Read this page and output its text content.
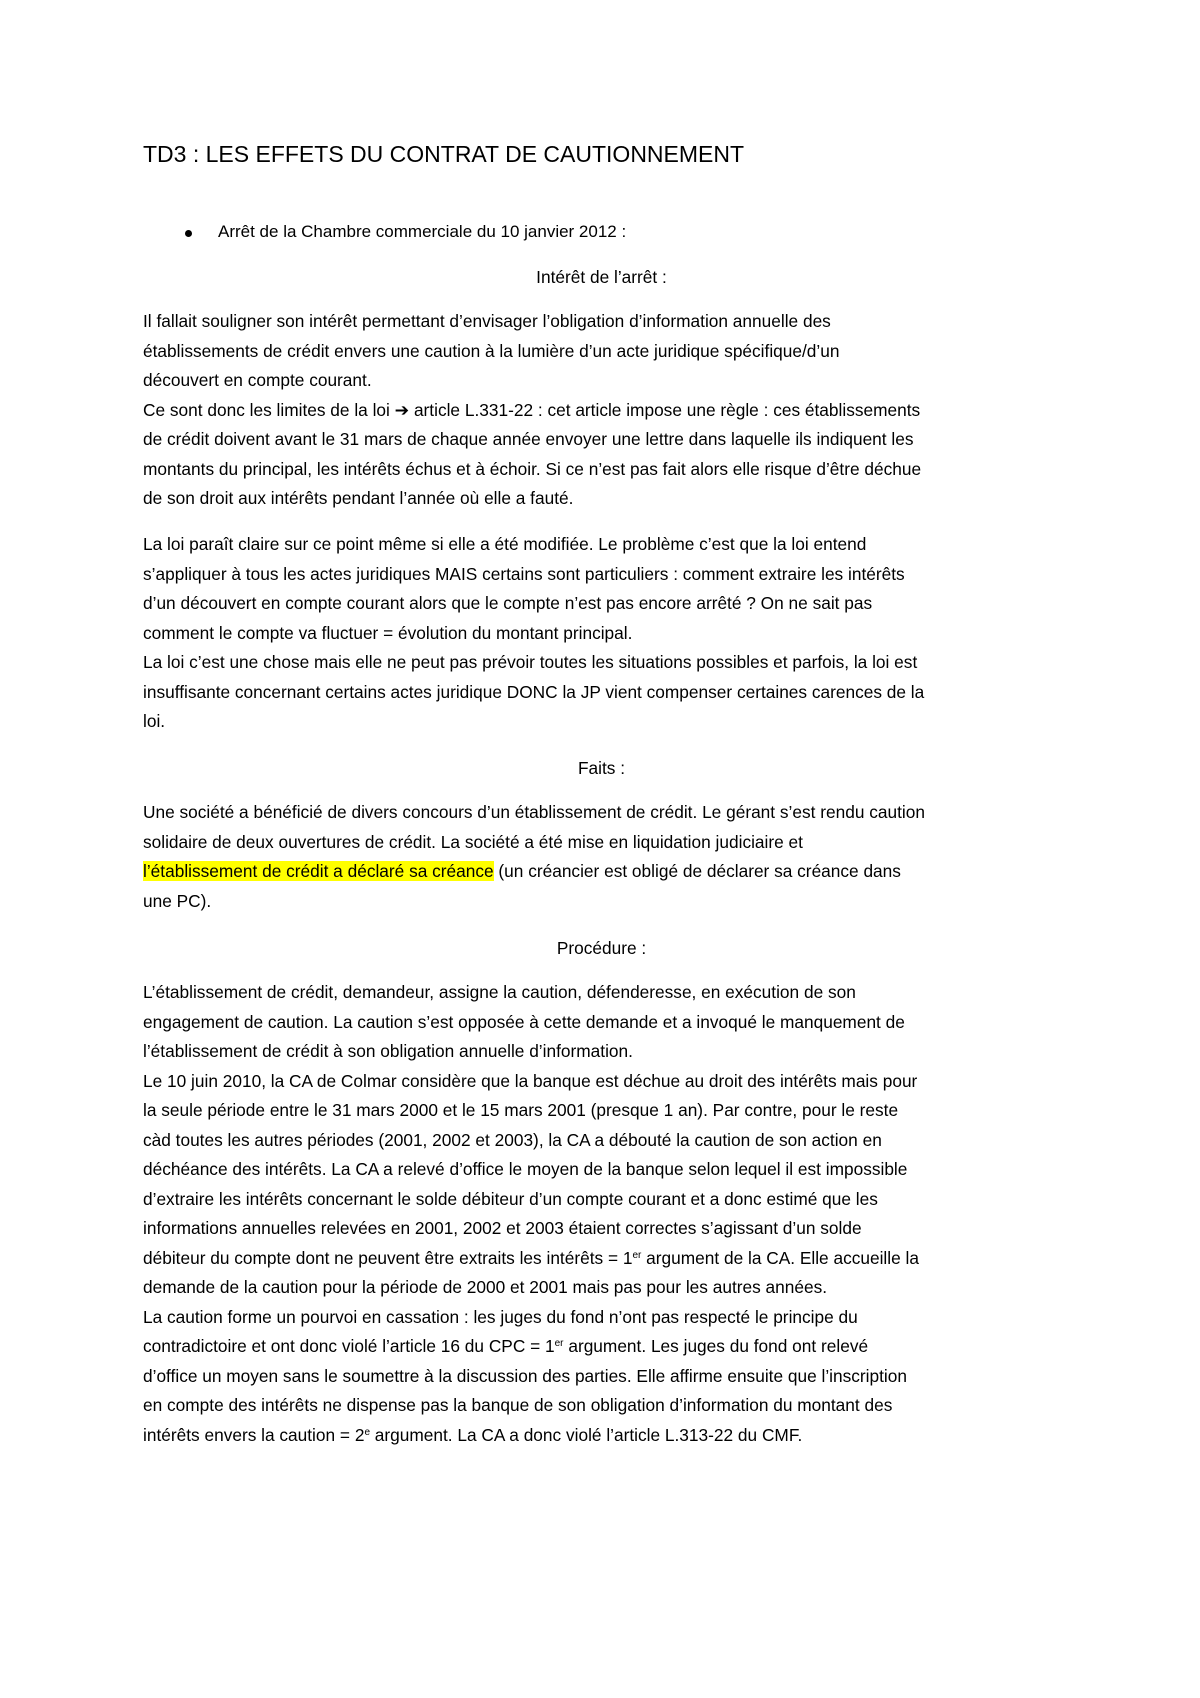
TD3 : LES EFFETS DU CONTRAT DE CAUTIONNEMENT
Arrêt de la Chambre commerciale du 10 janvier 2012 :
Intérêt de l’arrêt :
Il fallait souligner son intérêt permettant d’envisager l’obligation d’information annuelle des
établissements de crédit envers une caution à la lumière d’un acte juridique spécifique/d’un
découvert en compte courant.
Ce sont donc les limites de la loi ➔ article L.331-22 : cet article impose une règle : ces établissements
de crédit doivent avant le 31 mars de chaque année envoyer une lettre dans laquelle ils indiquent les
montants du principal, les intérêts échus et à échoir. Si ce n’est pas fait alors elle risque d’être déchue
de son droit aux intérêts pendant l’année où elle a fauté.
La loi paraît claire sur ce point même si elle a été modifiée. Le problème c’est que la loi entend
s’appliquer à tous les actes juridiques MAIS certains sont particuliers : comment extraire les intérêts
d’un découvert en compte courant alors que le compte n’est pas encore arrêté ? On ne sait pas
comment le compte va fluctuer = évolution du montant principal.
La loi c’est une chose mais elle ne peut pas prévoir toutes les situations possibles et parfois, la loi est
insuffisante concernant certains actes juridique DONC la JP vient compenser certaines carences de la
loi.
Faits :
Une société a bénéficié de divers concours d’un établissement de crédit. Le gérant s’est rendu caution
solidaire de deux ouvertures de crédit. La société a été mise en liquidation judiciaire et
l’établissement de crédit a déclaré sa créance (un créancier est obligé de déclarer sa créance dans
une PC).
Procédure :
L’établissement de crédit, demandeur, assigne la caution, défenderesse, en exécution de son
engagement de caution. La caution s’est opposée à cette demande et a invoqué le manquement de
l’établissement de crédit à son obligation annuelle d’information.
Le 10 juin 2010, la CA de Colmar considère que la banque est déchue au droit des intérêts mais pour
la seule période entre le 31 mars 2000 et le 15 mars 2001 (presque 1 an). Par contre, pour le reste
càd toutes les autres périodes (2001, 2002 et 2003), la CA a débouté la caution de son action en
déchéance des intérêts. La CA a relevé d’office le moyen de la banque selon lequel il est impossible
d’extraire les intérêts concernant le solde débiteur d’un compte courant et a donc estimé que les
informations annuelles relevées en 2001, 2002 et 2003 étaient correctes s’agissant d’un solde
débiteur du compte dont ne peuvent être extraits les intérêts = 1er argument de la CA. Elle accueille la
demande de la caution pour la période de 2000 et 2001 mais pas pour les autres années.
La caution forme un pourvoi en cassation : les juges du fond n’ont pas respecté le principe du
contradictoire et ont donc violé l’article 16 du CPC = 1er argument. Les juges du fond ont relevé
d’office un moyen sans le soumettre à la discussion des parties. Elle affirme ensuite que l’inscription
en compte des intérêts ne dispense pas la banque de son obligation d’information du montant des
intérêts envers la caution = $2^e$ argument. La CA a donc violé l’article L.313-22 du CMF.
